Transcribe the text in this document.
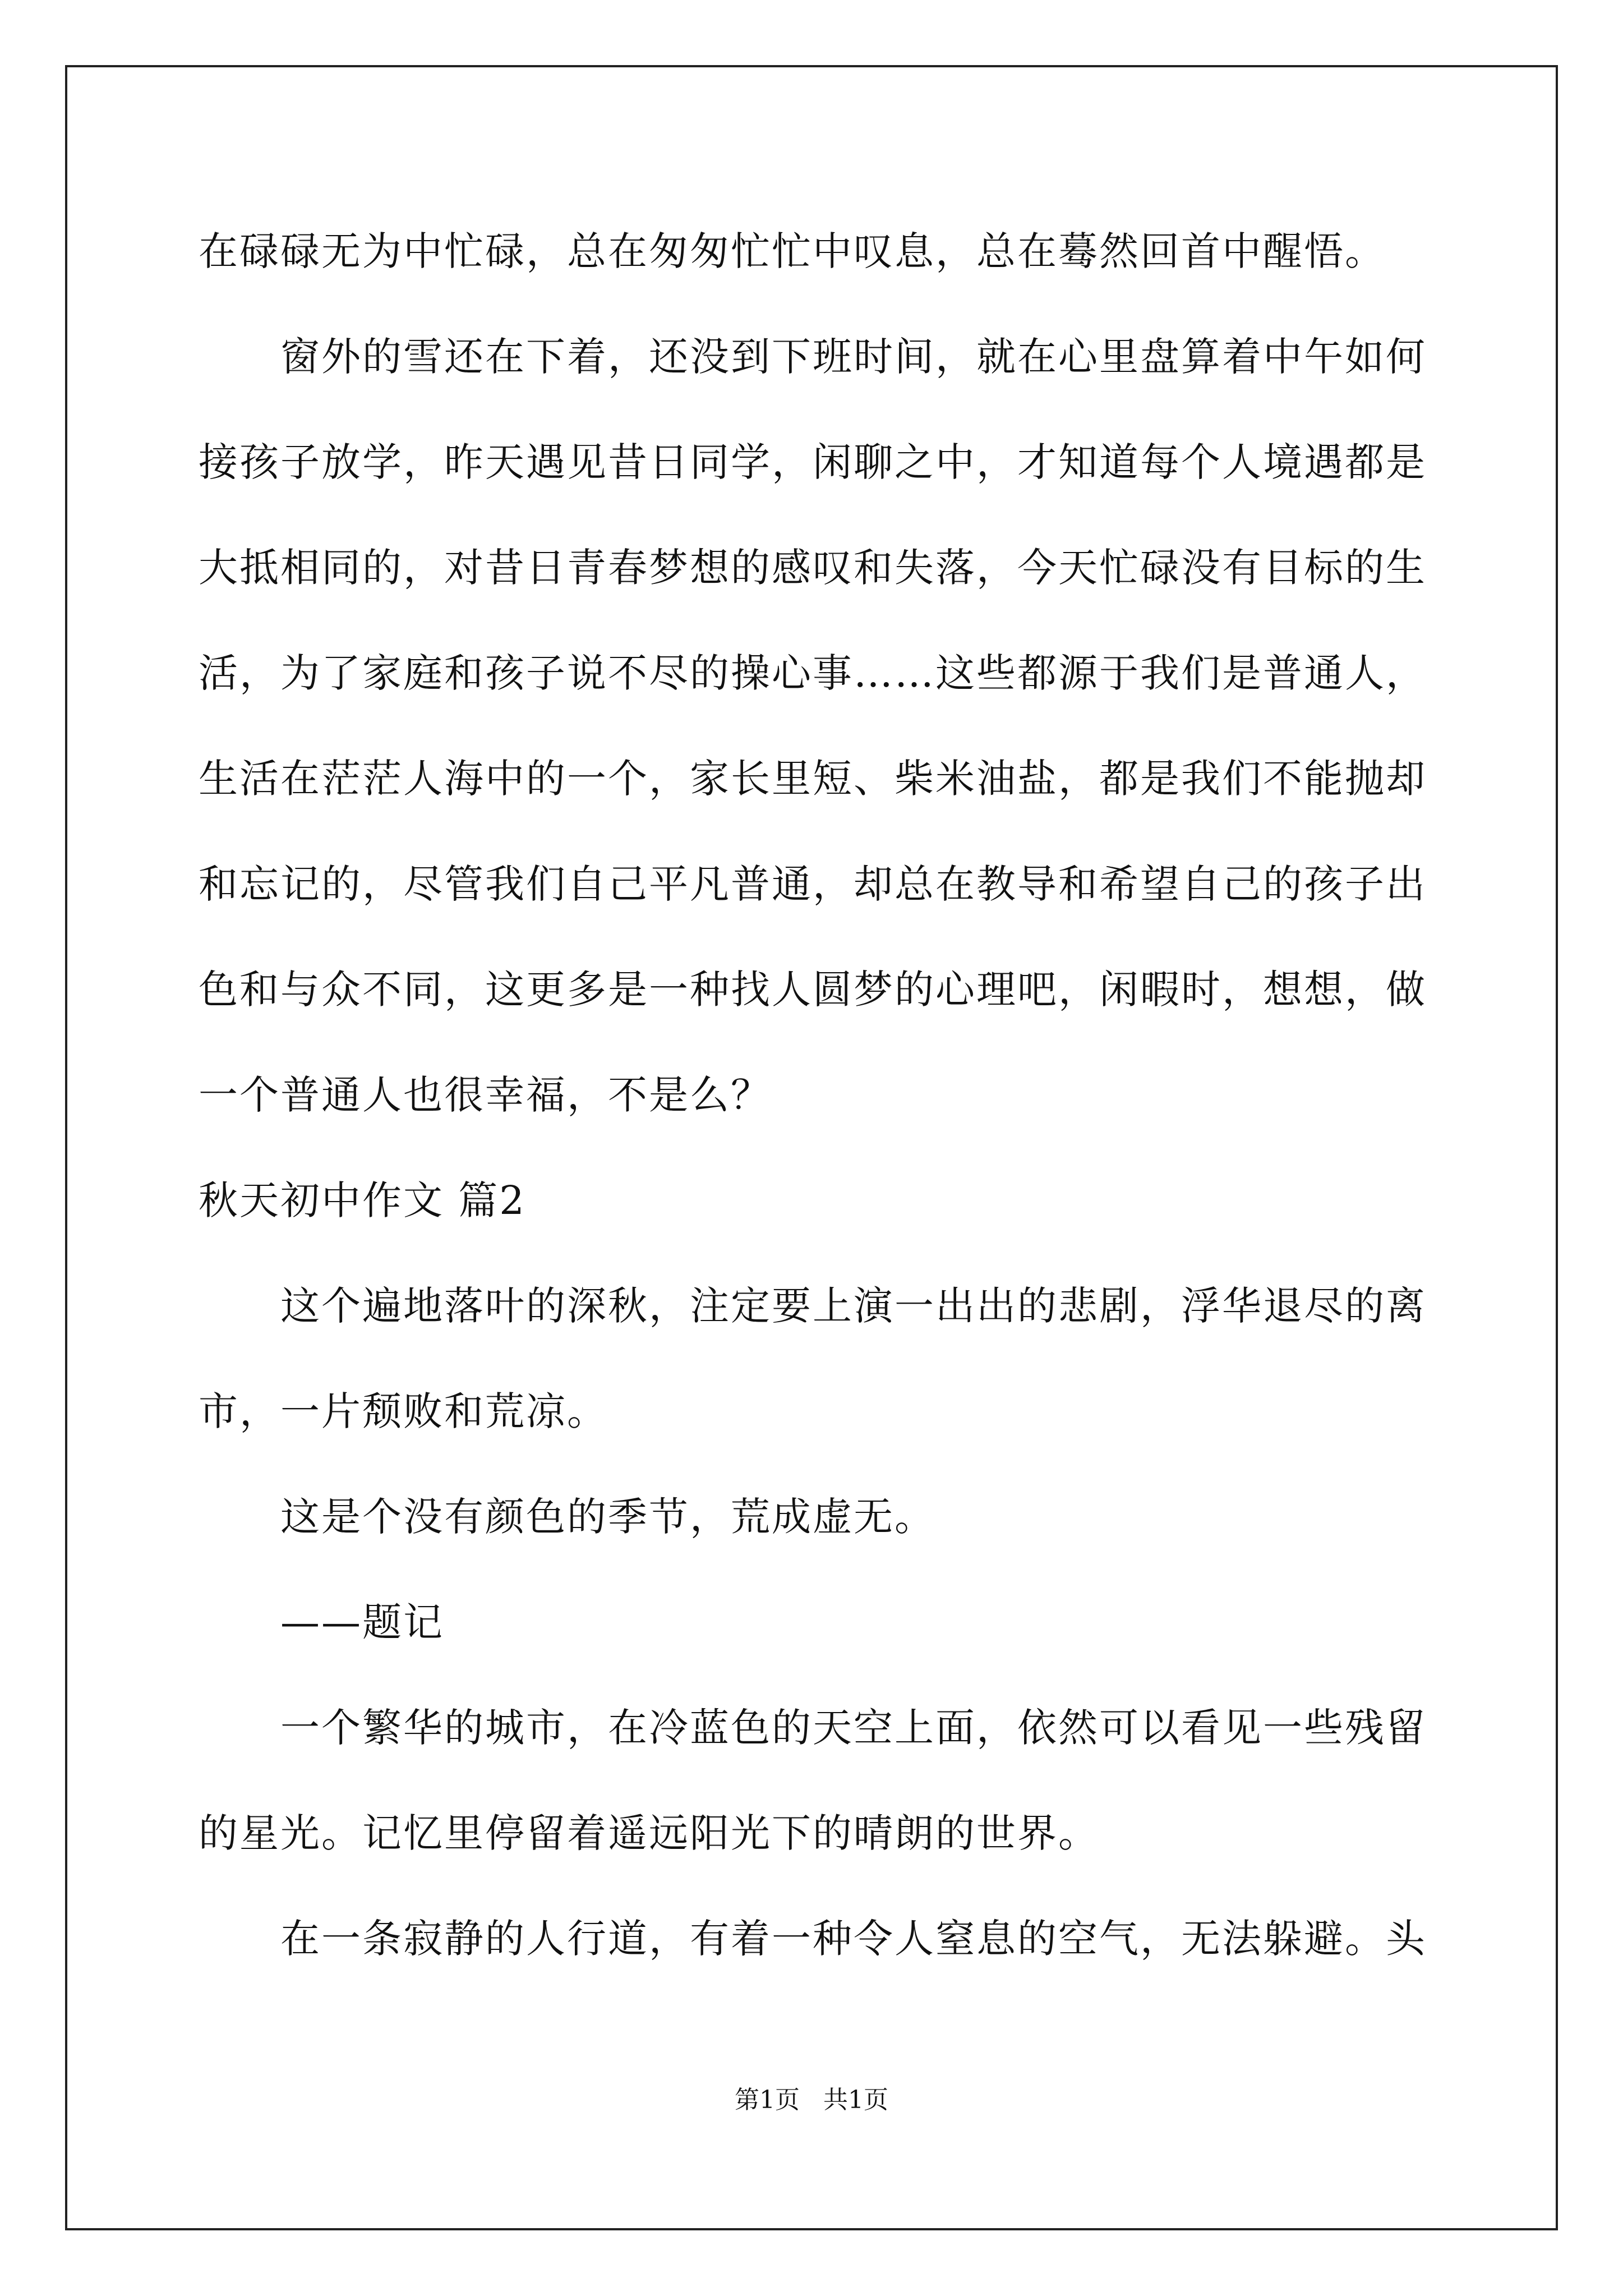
在碌碌无为中忙碌，总在匆匆忙忙中叹息，总在蓦然回首中醒悟。
窗外的雪还在下着，还没到下班时间，就在心里盘算着中午如何
接孩子放学，昨天遇见昔日同学，闲聊之中，才知道每个人境遇都是
大抵相同的，对昔日青春梦想的感叹和失落，今天忙碌没有目标的生
活，为了家庭和孩子说不尽的操心事……这些都源于我们是普通人，
生活在茫茫人海中的一个，家长里短、柴米油盐，都是我们不能抛却
和忘记的，尽管我们自己平凡普通，却总在教导和希望自己的孩子出
色和与众不同，这更多是一种找人圆梦的心理吧，闲暇时，想想，做
一个普通人也很幸福，不是么？
秋天初中作文 篇2
这个遍地落叶的深秋，注定要上演一出出的悲剧，浮华退尽的离
市，一片颓败和荒凉。
这是个没有颜色的季节，荒成虚无。
——题记
一个繁华的城市，在冷蓝色的天空上面，依然可以看见一些残留
的星光。记忆里停留着遥远阳光下的晴朗的世界。
在一条寂静的人行道，有着一种令人窒息的空气，无法躲避。头
第1页   共1页
